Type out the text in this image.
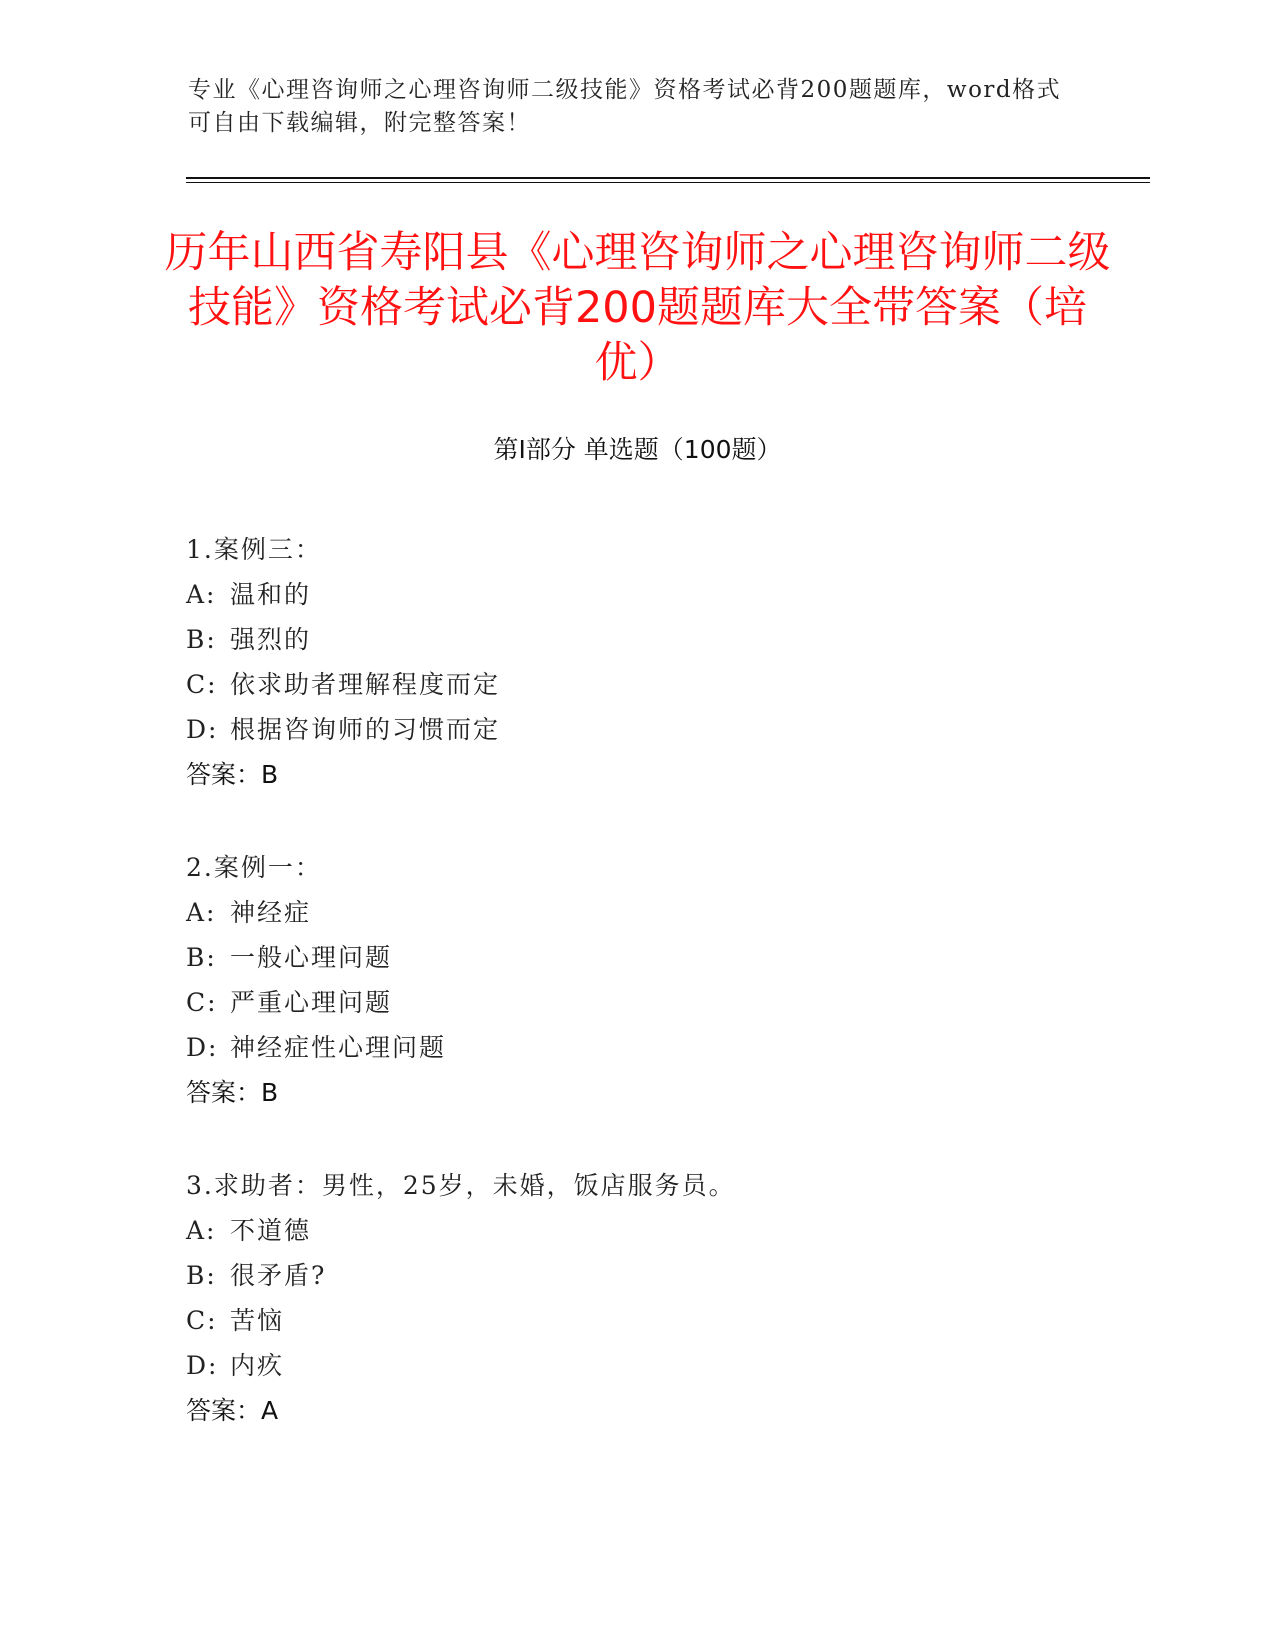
专业《心理咨询师之心理咨询师二级技能》资格考试必背200题题库，word格式可自由下载编辑，附完整答案！
历年山西省寿阳县《心理咨询师之心理咨询师二级技能》资格考试必背200题题库大全带答案（培优）
第I部分 单选题（100题）
1.案例三：
A: 温和的
B: 强烈的
C: 依求助者理解程度而定
D: 根据咨询师的习惯而定
答案：B
2.案例一：
A: 神经症
B: 一般心理问题
C: 严重心理问题
D: 神经症性心理问题
答案：B
3.求助者：男性，25岁，未婚，饭店服务员。
A: 不道德
B: 很矛盾?
C: 苦恼
D: 内疚
答案：A
